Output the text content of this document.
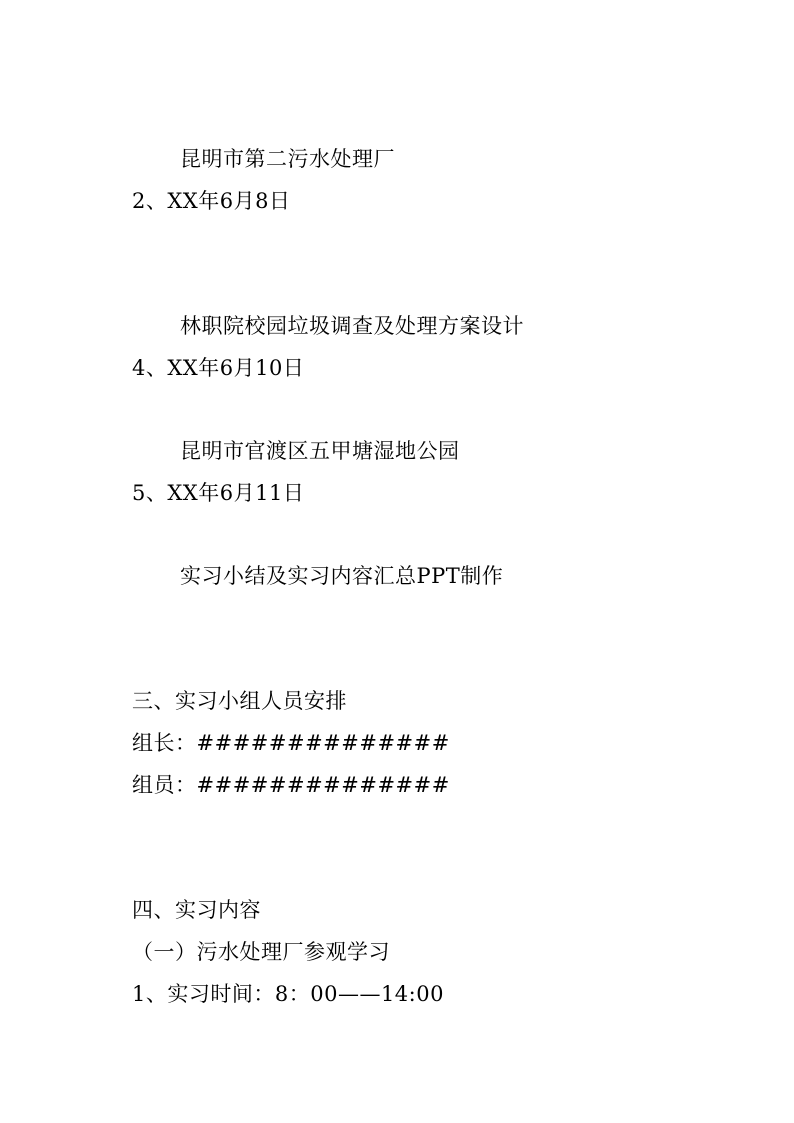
昆明市第二污水处理厂
2、XX年6月8日
林职院校园垃圾调查及处理方案设计
4、XX年6月10日
昆明市官渡区五甲塘湿地公园
5、XX年6月11日
实习小结及实习内容汇总PPT制作
三、实习小组人员安排
组长：##############
组员：##############
四、实习内容
（一）污水处理厂参观学习
1、实习时间：8：00——14:00
